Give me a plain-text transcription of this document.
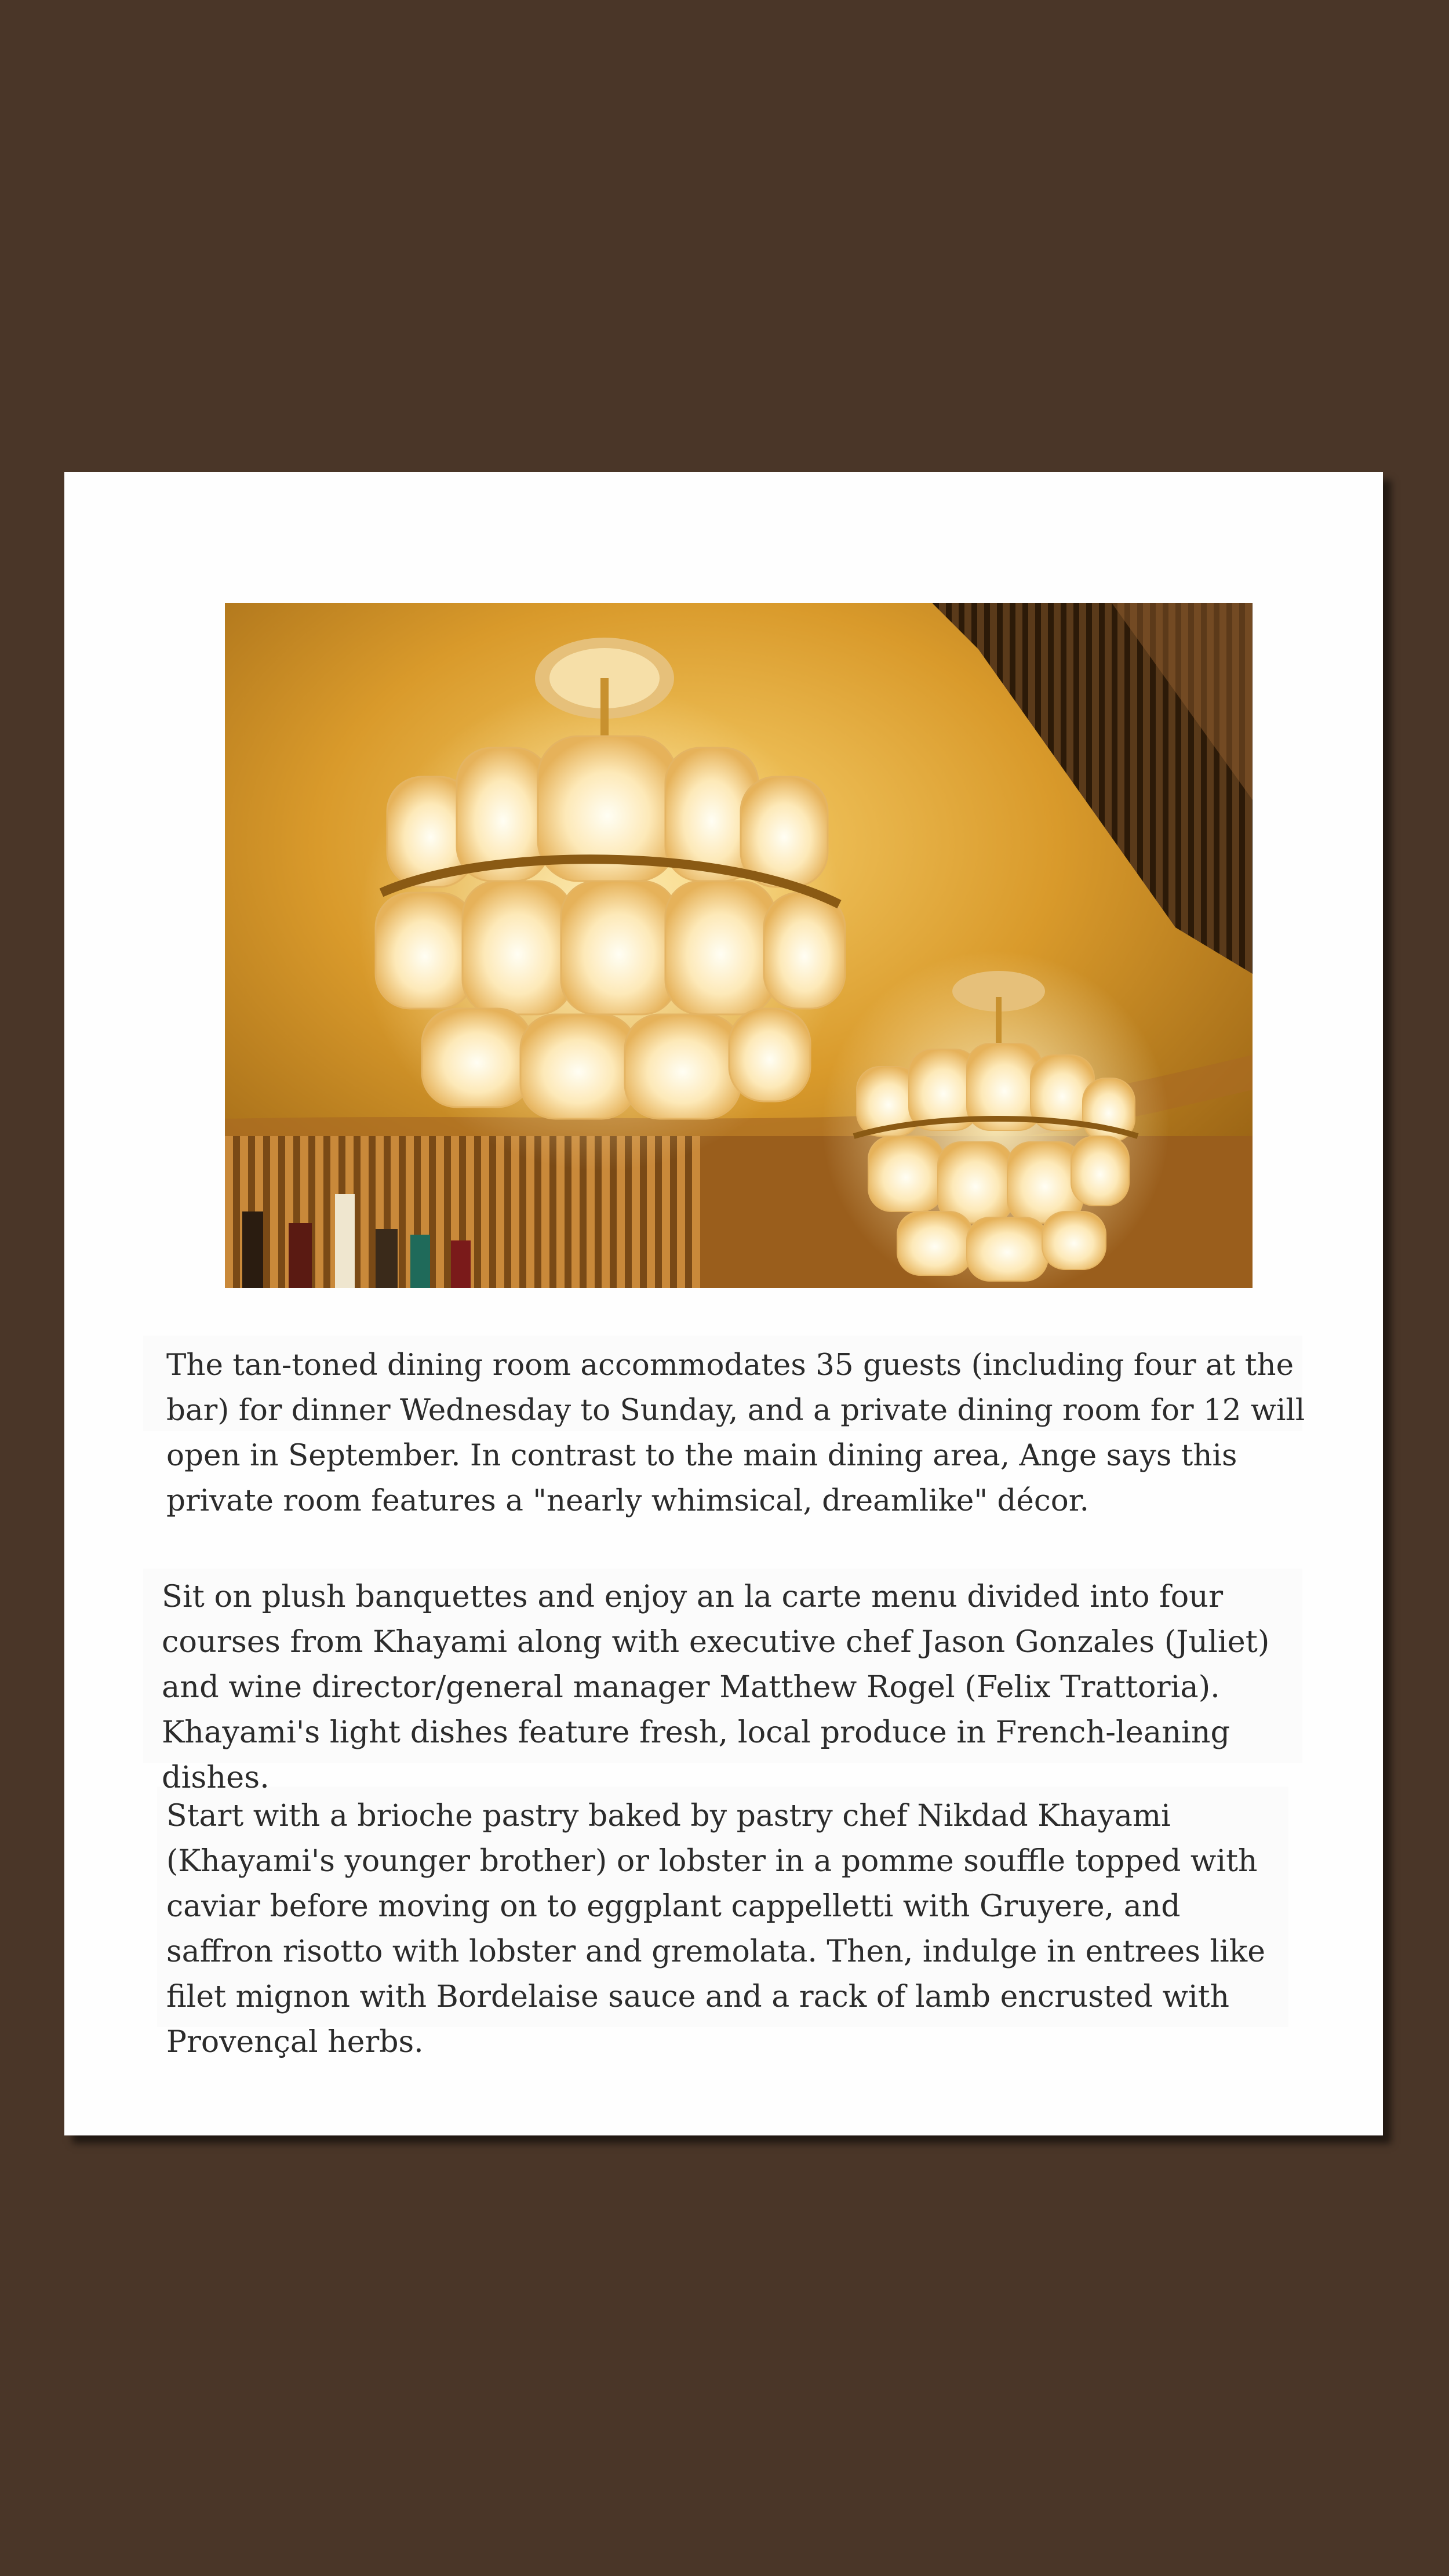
The tan-toned dining room accommodates 35 guests (including four at the bar) for dinner Wednesday to Sunday, and a private dining room for 12 will open in September. In contrast to the main dining area, Ange says this private room features a "nearly whimsical, dreamlike" décor.

Sit on plush banquettes and enjoy an la carte menu divided into four courses from Khayami along with executive chef Jason Gonzales (Juliet) and wine director/general manager Matthew Rogel (Felix Trattoria). Khayami's light dishes feature fresh, local produce in French-leaning dishes.

Start with a brioche pastry baked by pastry chef Nikdad Khayami (Khayami's younger brother) or lobster in a pomme souffle topped with caviar before moving on to eggplant cappelletti with Gruyere, and saffron risotto with lobster and gremolata. Then, indulge in entrees like filet mignon with Bordelaise sauce and a rack of lamb encrusted with Provençal herbs.
